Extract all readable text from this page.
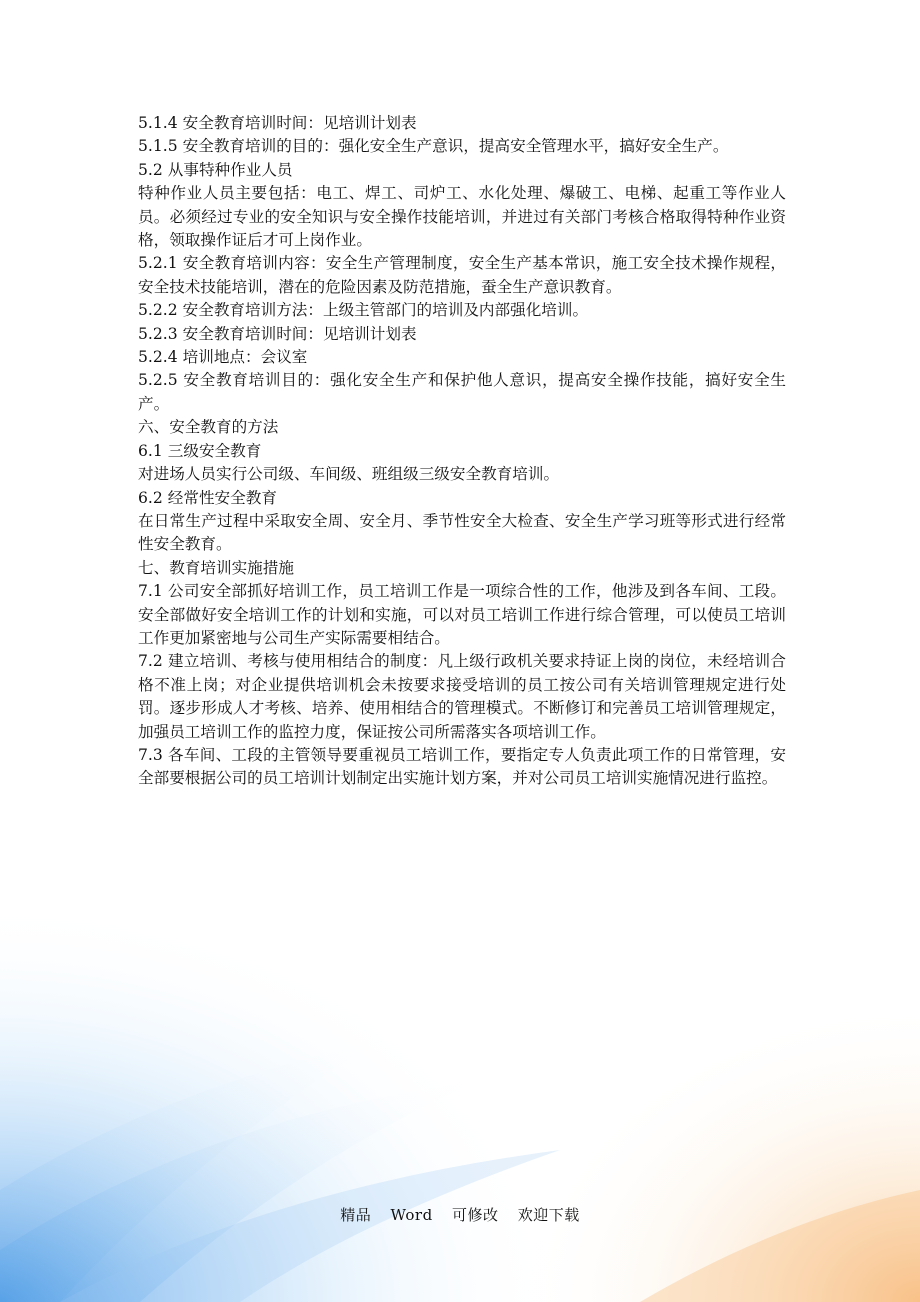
5.1.4 安全教育培训时间：见培训计划表

5.1.5 安全教育培训的目的：强化安全生产意识，提高安全管理水平，搞好安全生产。

5.2 从事特种作业人员

特种作业人员主要包括：电工、焊工、司炉工、水化处理、爆破工、电梯、起重工等作业人员。必须经过专业的安全知识与安全操作技能培训，并进过有关部门考核合格取得特种作业资格，领取操作证后才可上岗作业。

5.2.1 安全教育培训内容：安全生产管理制度，安全生产基本常识，施工安全技术操作规程，安全技术技能培训，潜在的危险因素及防范措施，蚕全生产意识教育。

5.2.2 安全教育培训方法：上级主管部门的培训及内部强化培训。

5.2.3 安全教育培训时间：见培训计划表

5.2.4 培训地点：会议室

5.2.5 安全教育培训目的：强化安全生产和保护他人意识，提高安全操作技能，搞好安全生产。

六、安全教育的方法

6.1 三级安全教育

对进场人员实行公司级、车间级、班组级三级安全教育培训。

6.2 经常性安全教育

在日常生产过程中采取安全周、安全月、季节性安全大检查、安全生产学习班等形式进行经常性安全教育。

七、教育培训实施措施

7.1 公司安全部抓好培训工作，员工培训工作是一项综合性的工作，他涉及到各车间、工段。安全部做好安全培训工作的计划和实施，可以对员工培训工作进行综合管理，可以使员工培训工作更加紧密地与公司生产实际需要相结合。

7.2 建立培训、考核与使用相结合的制度：凡上级行政机关要求持证上岗的岗位，未经培训合格不准上岗；对企业提供培训机会未按要求接受培训的员工按公司有关培训管理规定进行处罚。逐步形成人才考核、培养、使用相结合的管理模式。不断修订和完善员工培训管理规定，加强员工培训工作的监控力度，保证按公司所需落实各项培训工作。

7.3 各车间、工段的主管领导要重视员工培训工作，要指定专人负责此项工作的日常管理，安全部要根据公司的员工培训计划制定出实施计划方案，并对公司员工培训实施情况进行监控。

精品 Word 可修改 欢迎下载
